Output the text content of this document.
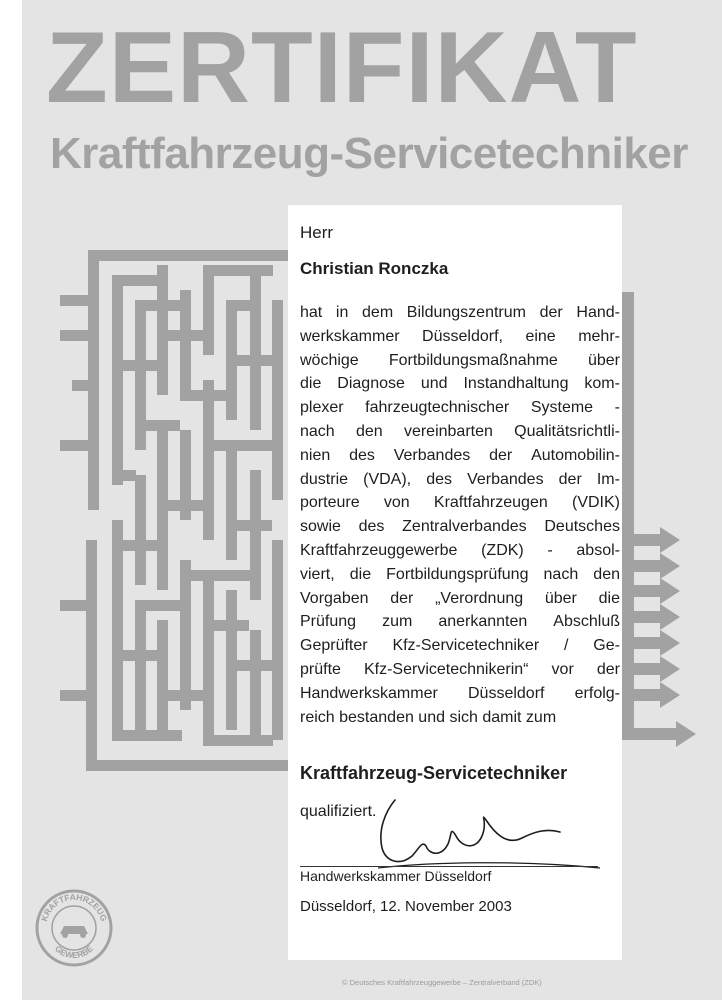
ZERTIFIKAT
Kraftfahrzeug-Servicetechniker
Herr
Christian Ronczka
hat in dem Bildungszentrum der Hand-
werkskammer Düsseldorf, eine mehr-
wöchige Fortbildungsmaßnahme über
die Diagnose und Instandhaltung kom-
plexer fahrzeugtechnischer Systeme -
nach den vereinbarten Qualitätsrichtli-
nien des Verbandes der Automobilin-
dustrie (VDA), des Verbandes der Im-
porteure von Kraftfahrzeugen (VDIK)
sowie des Zentralverbandes Deutsches
Kraftfahrzeuggewerbe (ZDK) - absol-
viert, die Fortbildungsprüfung nach den
Vorgaben der „Verordnung über die
Prüfung zum anerkannten Abschluß
Geprüfter Kfz-Servicetechniker / Ge-
prüfte Kfz-Servicetechnikerin“ vor der
Handwerkskammer Düsseldorf erfolg-
reich bestanden und sich damit zum
Kraftfahrzeug-Servicetechniker
qualifiziert.
Handwerkskammer Düsseldorf
Düsseldorf, 12. November 2003
KRAFTFAHRZEUG
GEWERBE
© Deutsches Kraftfahrzeuggewerbe – Zentralverband (ZDK)
